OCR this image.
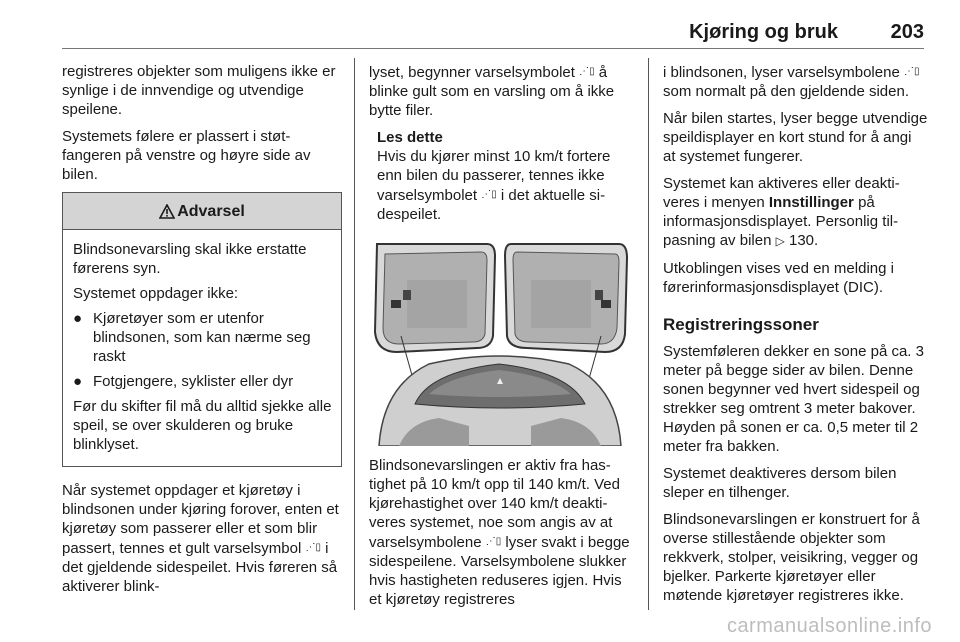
Kjøring og bruk	203

registreres objekter som muligens ikke er synlige i de innvendige og utvendige speilene.

Systemets følere er plassert i støtfangeren på venstre og høyre side av bilen.

Advarsel

Blindsonevarsling skal ikke erstatte førerens syn.

Systemet oppdager ikke:

● Kjøretøyer som er utenfor blindsonen, som kan nærme seg raskt
● Fotgjengere, syklister eller dyr

Før du skifter fil må du alltid sjekke alle speil, se over skulderen og bruke blinklyset.

Når systemet oppdager et kjøretøy i blindsonen under kjøring forover, enten et kjøretøy som passerer eller et som blir passert, tennes et gult varselsymbol ⋰▯ i det gjeldende sidespeilet. Hvis føreren så aktiverer blink-

lyset, begynner varselsymbolet ⋰▯ å blinke gult som en varsling om å ikke bytte filer.

Les dette
Hvis du kjører minst 10 km/t fortere enn bilen du passerer, tennes ikke varselsymbolet ⋰▯ i det aktuelle sidespeilet.

Blindsonevarslingen er aktiv fra hastighet på 10 km/t opp til 140 km/t. Ved kjørehastighet over 140 km/t deaktiveres systemet, noe som angis av at varselsymbolene ⋰▯ lyser svakt i begge sidespeilene. Varselsymbolene slukker hvis hastigheten reduseres igjen. Hvis et kjøretøy registreres

i blindsonen, lyser varselsymbolene ⋰▯ som normalt på den gjeldende siden.

Når bilen startes, lyser begge utvendige speildisplayer en kort stund for å angi at systemet fungerer.

Systemet kan aktiveres eller deaktiveres i menyen Innstillinger på informasjonsdisplayet. Personlig tilpasning av bilen ▷ 130.

Utkoblingen vises ved en melding i førerinformasjonsdisplayet (DIC).

Registreringssoner

Systemføleren dekker en sone på ca. 3 meter på begge sider av bilen. Denne sonen begynner ved hvert sidespeil og strekker seg omtrent 3 meter bakover. Høyden på sonen er ca. 0,5 meter til 2 meter fra bakken.

Systemet deaktiveres dersom bilen sleper en tilhenger.

Blindsonevarslingen er konstruert for å overse stillestående objekter som rekkverk, stolper, veisikring, vegger og bjelker. Parkerte kjøretøyer eller møtende kjøretøyer registreres ikke.

carmanualsonline.info
